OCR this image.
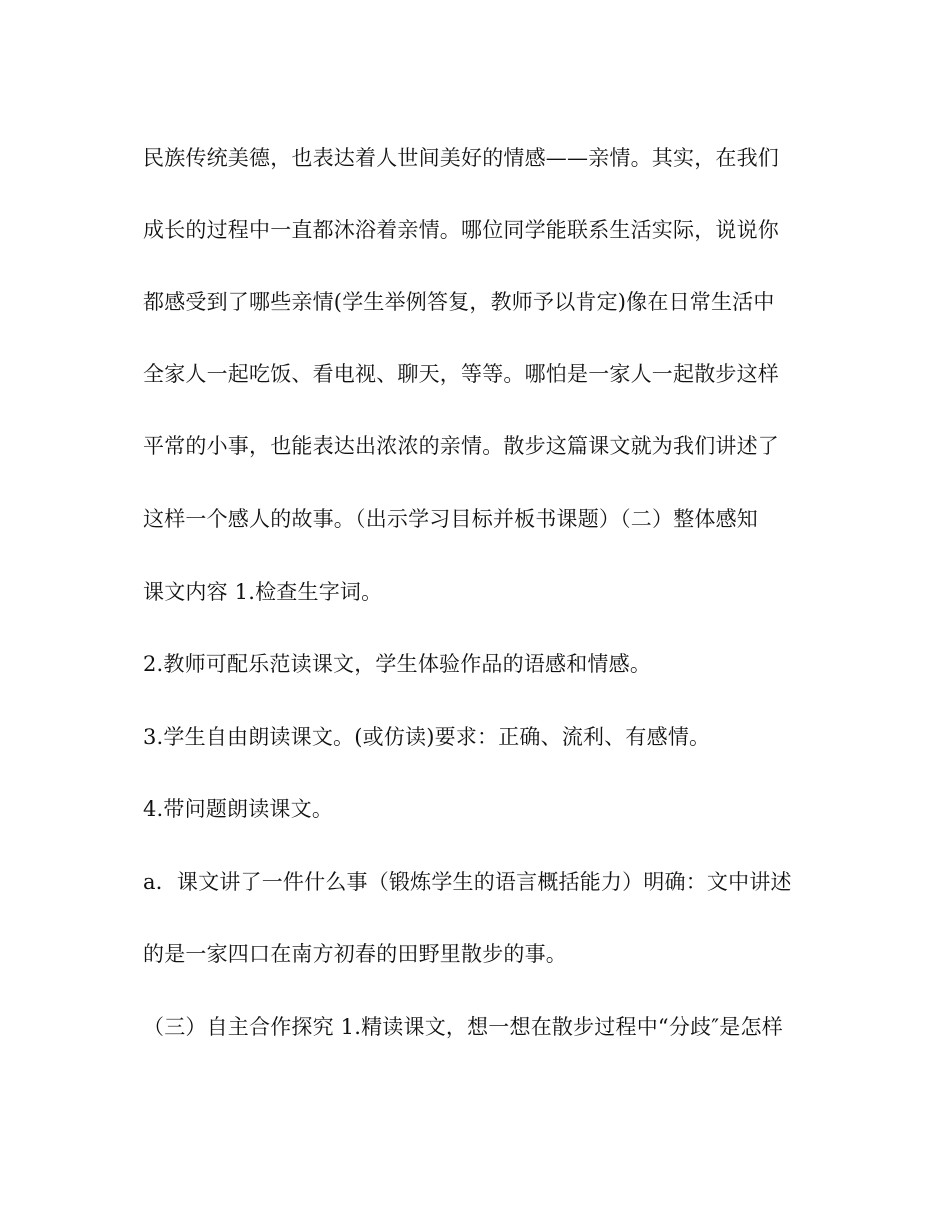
民族传统美德，也表达着人世间美好的情感——亲情。其实，在我们
成长的过程中一直都沐浴着亲情。哪位同学能联系生活实际，说说你
都感受到了哪些亲情(学生举例答复，教师予以肯定)像在日常生活中
全家人一起吃饭、看电视、聊天，等等。哪怕是一家人一起散步这样
平常的小事，也能表达出浓浓的亲情。散步这篇课文就为我们讲述了
这样一个感人的故事。（出示学习目标并板书课题）（二）整体感知
课文内容 1.检查生字词。
2.教师可配乐范读课文，学生体验作品的语感和情感。
3.学生自由朗读课文。(或仿读)要求：正确、流利、有感情。
4.带问题朗读课文。
a．课文讲了一件什么事（锻炼学生的语言概括能力）明确：文中讲述
的是一家四口在南方初春的田野里散步的事。
（三）自主合作探究 1.精读课文，想一想在散步过程中“分歧″是怎样
